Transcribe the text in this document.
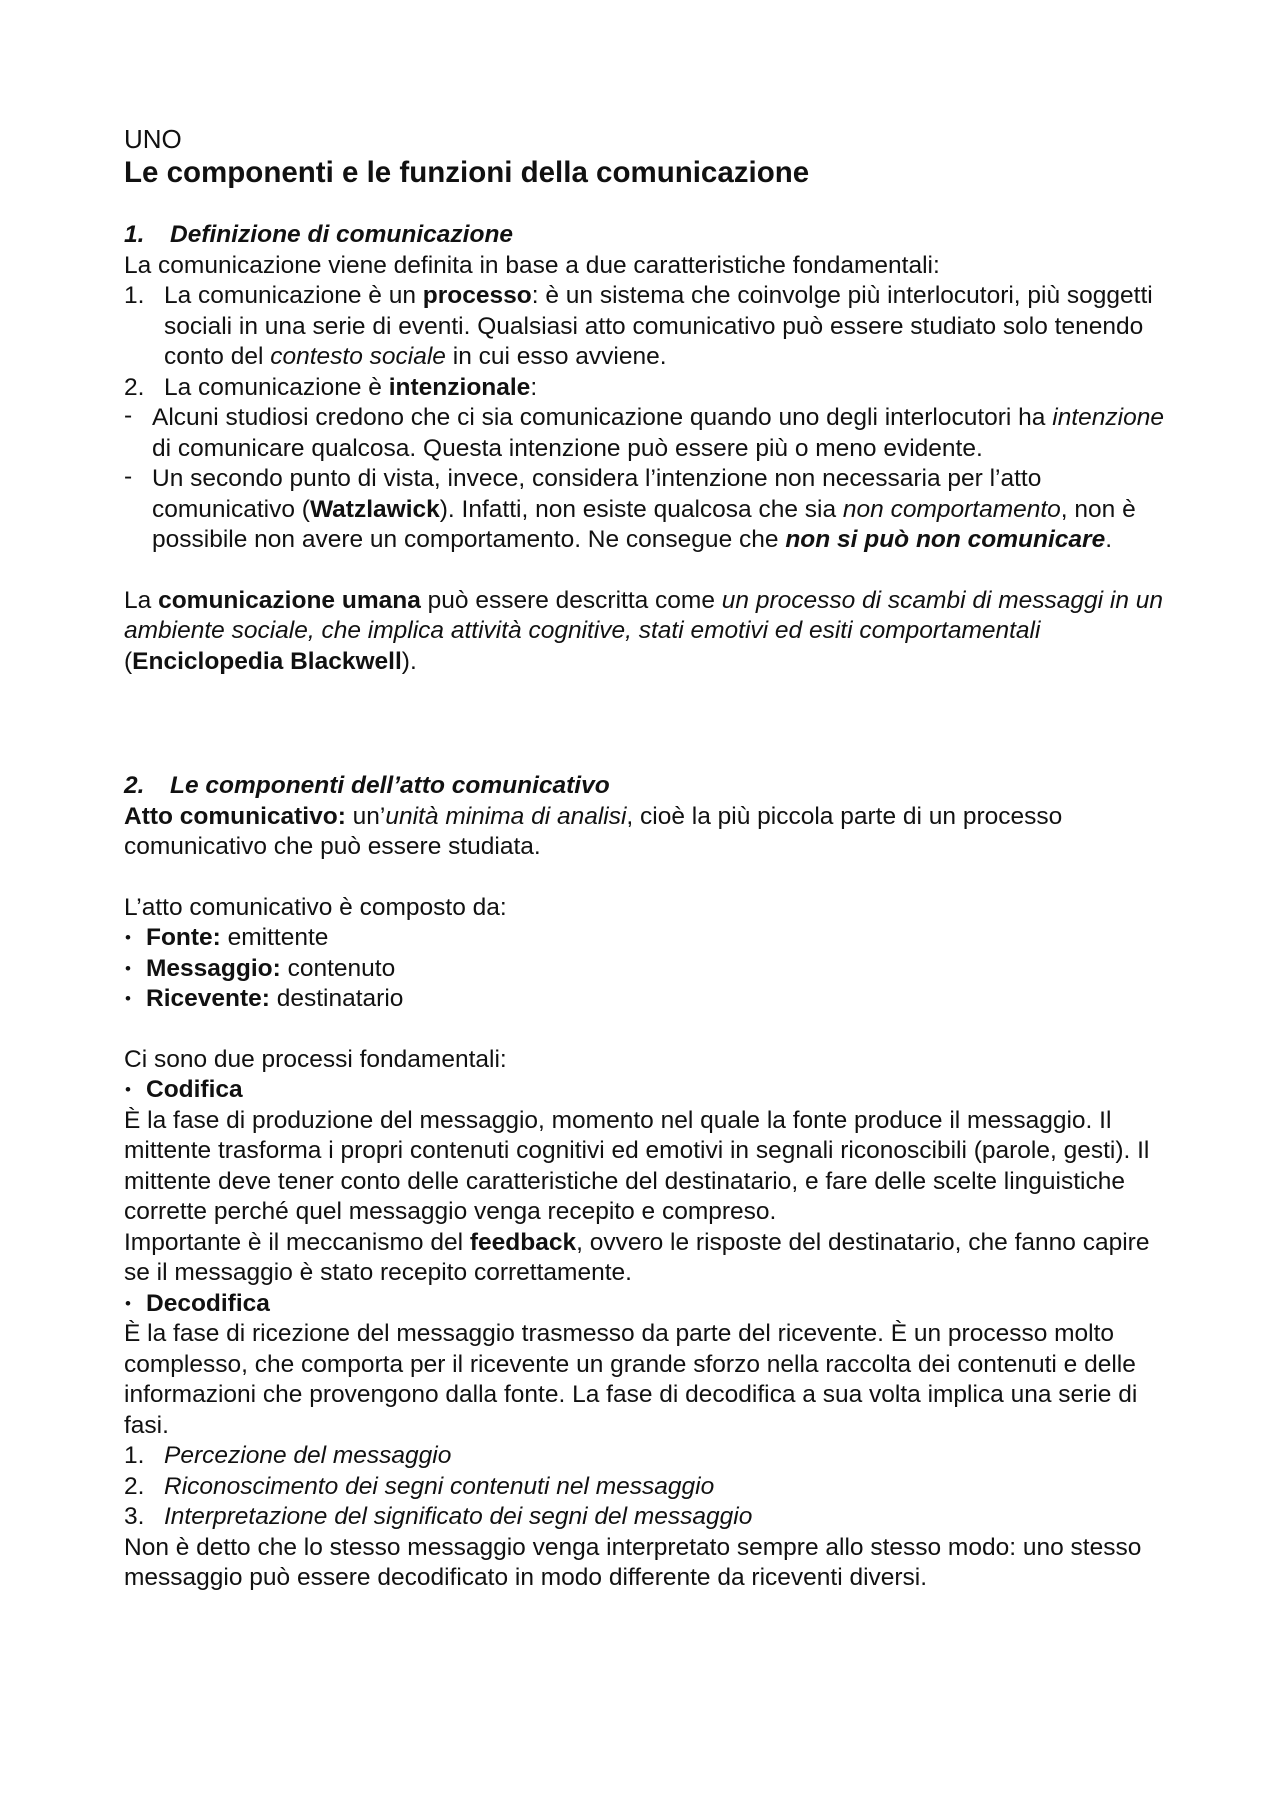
UNO

Le componenti e le funzioni della comunicazione
1. Definizione di comunicazione

La comunicazione viene definita in base a due caratteristiche fondamentali:

1. La comunicazione è un processo: è un sistema che coinvolge più interlocutori, più soggetti sociali in una serie di eventi. Qualsiasi atto comunicativo può essere studiato solo tenendo conto del contesto sociale in cui esso avviene.
2. La comunicazione è intenzionale:
- Alcuni studiosi credono che ci sia comunicazione quando uno degli interlocutori ha intenzione di comunicare qualcosa. Questa intenzione può essere più o meno evidente.
- Un secondo punto di vista, invece, considera l’intenzione non necessaria per l’atto comunicativo (Watzlawick). Infatti, non esiste qualcosa che sia non comportamento, non è possibile non avere un comportamento. Ne consegue che non si può non comunicare.

La comunicazione umana può essere descritta come un processo di scambi di messaggi in un ambiente sociale, che implica attività cognitive, stati emotivi ed esiti comportamentali (Enciclopedia Blackwell).

2. Le componenti dell’atto comunicativo

Atto comunicativo: un’unità minima di analisi, cioè la più piccola parte di un processo comunicativo che può essere studiata.

L’atto comunicativo è composto da:

• Fonte: emittente
• Messaggio: contenuto
• Ricevente: destinatario

Ci sono due processi fondamentali:

• Codifica

È la fase di produzione del messaggio, momento nel quale la fonte produce il messaggio. Il mittente trasforma i propri contenuti cognitivi ed emotivi in segnali riconoscibili (parole, gesti). Il mittente deve tener conto delle caratteristiche del destinatario, e fare delle scelte linguistiche corrette perché quel messaggio venga recepito e compreso.

Importante è il meccanismo del feedback, ovvero le risposte del destinatario, che fanno capire se il messaggio è stato recepito correttamente.

• Decodifica

È la fase di ricezione del messaggio trasmesso da parte del ricevente. È un processo molto complesso, che comporta per il ricevente un grande sforzo nella raccolta dei contenuti e delle informazioni che provengono dalla fonte. La fase di decodifica a sua volta implica una serie di fasi.

1. Percezione del messaggio
2. Riconoscimento dei segni contenuti nel messaggio
3. Interpretazione del significato dei segni del messaggio

Non è detto che lo stesso messaggio venga interpretato sempre allo stesso modo: uno stesso messaggio può essere decodificato in modo differente da riceventi diversi.
